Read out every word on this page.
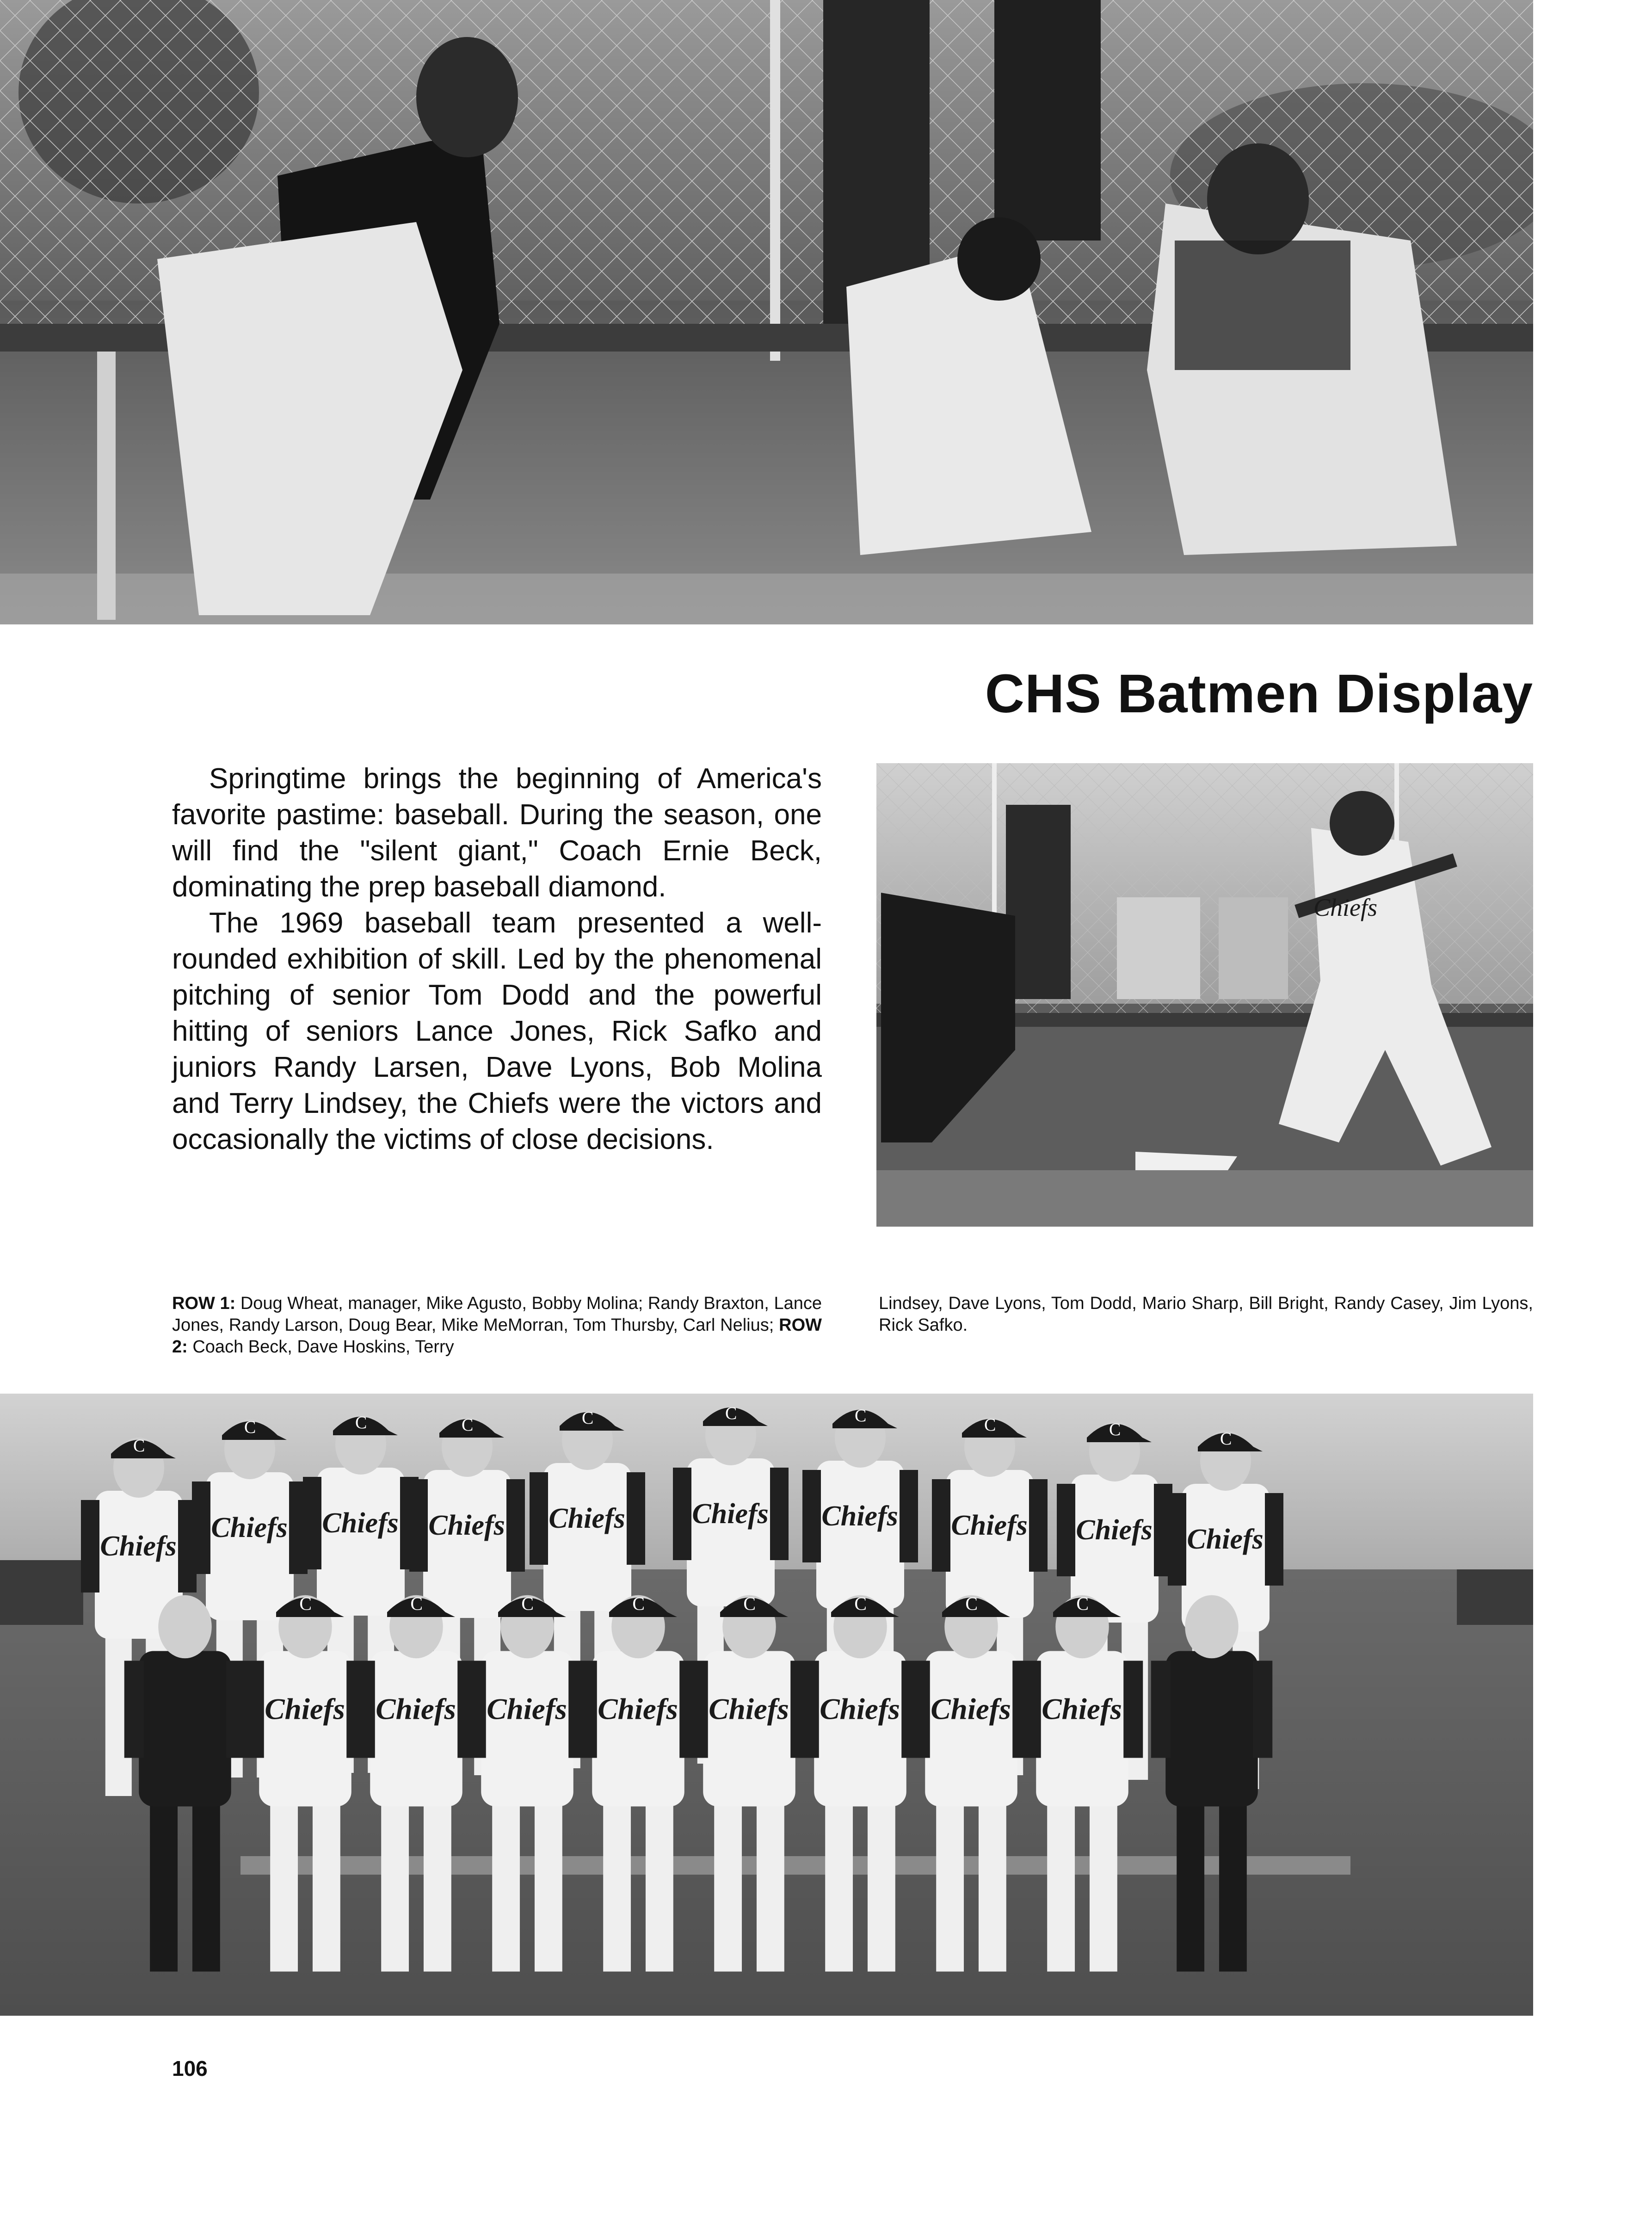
CHS Batmen Display

Springtime brings the beginning of America's favorite pastime: baseball. During the season, one will find the "silent giant," Coach Ernie Beck, dominating the prep baseball diamond.

The 1969 baseball team presented a well-rounded exhibition of skill. Led by the phenomenal pitching of senior Tom Dodd and the powerful hitting of seniors Lance Jones, Rick Safko and juniors Randy Larsen, Dave Lyons, Bob Molina and Terry Lindsey, the Chiefs were the victors and occasionally the victims of close decisions.

Chiefs
ROW 1: Doug Wheat, manager, Mike Agusto, Bobby Molina; Randy Braxton, Lance Jones, Randy Larson, Doug Bear, Mike MeMorran, Tom Thursby, Carl Nelius; ROW 2: Coach Beck, Dave Hoskins, Terry
Lindsey, Dave Lyons, Tom Dodd, Mario Sharp, Bill Bright, Randy Casey, Jim Lyons, Rick Safko.
C
Chiefs
C
Chiefs
C
Chiefs
C
Chiefs
C
Chiefs
C
Chiefs
C
Chiefs
C
Chiefs
C
Chiefs
C
Chiefs
C
Chiefs
C
Chiefs
C
Chiefs
C
Chiefs
C
Chiefs
C
Chiefs
C
Chiefs
C
Chiefs
106
